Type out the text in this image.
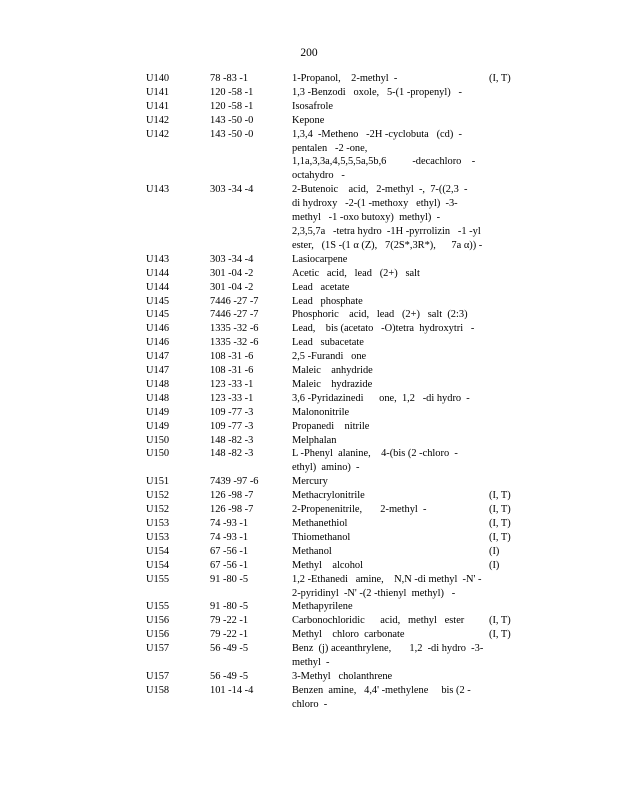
200
U140	78 -83 -1	1-Propanol,    2-methyl  -	(I, T)
U141	120 -58 -1	1,3 -Benzodi   oxole,   5-(1 -propenyl)   -
U141	120 -58 -1	Isosafrole
U142	143 -50 -0	Kepone
U142	143 -50 -0	1,3,4  -Metheno   -2H -cyclobuta   (cd)  -
pentalen   -2 -one,
1,1a,3,3a,4,5,5,5a,5b,6          -decachloro    -
octahydro   -
U143	303 -34 -4	2-Butenoic    acid,   2-methyl  -,  7-((2,3  -
di hydroxy   -2-(1 -methoxy   ethyl)  -3-
methyl   -1 -oxo butoxy)  methyl)  -
2,3,5,7a   -tetra hydro  -1H -pyrrolizin   -1 -yl
ester,   (1S -(1 α (Z),   7(2S*,3R*),      7a α)) -
U143	303 -34 -4	Lasiocarpene
U144	301 -04 -2	Acetic   acid,   lead   (2+)   salt
U144	301 -04 -2	Lead   acetate
U145	7446 -27 -7	Lead   phosphate
U145	7446 -27 -7	Phosphoric    acid,   lead   (2+)   salt  (2:3)
U146	1335 -32 -6	Lead,    bis (acetato   -O)tetra  hydroxytri   -
U146	1335 -32 -6	Lead   subacetate
U147	108 -31 -6	2,5 -Furandi   one
U147	108 -31 -6	Maleic    anhydride
U148	123 -33 -1	Maleic    hydrazide
U148	123 -33 -1	3,6 -Pyridazinedi      one,  1,2   -di hydro  -
U149	109 -77 -3	Malononitrile
U149	109 -77 -3	Propanedi    nitrile
U150	148 -82 -3	Melphalan
U150	148 -82 -3	L -Phenyl  alanine,    4-(bis (2 -chloro  -
ethyl)  amino)  -
U151	7439 -97 -6	Mercury
U152	126 -98 -7	Methacrylonitrile	(I, T)
U152	126 -98 -7	2-Propenenitrile,       2-methyl  -	(I, T)
U153	74 -93 -1	Methanethiol	(I, T)
U153	74 -93 -1	Thiomethanol	(I, T)
U154	67 -56 -1	Methanol	(I)
U154	67 -56 -1	Methyl    alcohol	(I)
U155	91 -80 -5	1,2 -Ethanedi   amine,    N,N -di methyl  -N' -
2-pyridinyl  -N' -(2 -thienyl  methyl)   -
U155	91 -80 -5	Methapyrilene
U156	79 -22 -1	Carbonochloridic      acid,   methyl   ester	(I, T)
U156	79 -22 -1	Methyl    chloro  carbonate	(I, T)
U157	56 -49 -5	Benz  (j) aceanthrylene,       1,2  -di hydro  -3-
methyl  -
U157	56 -49 -5	3-Methyl   cholanthrene
U158	101 -14 -4	Benzen  amine,   4,4' -methylene     bis (2 -
chloro  -
